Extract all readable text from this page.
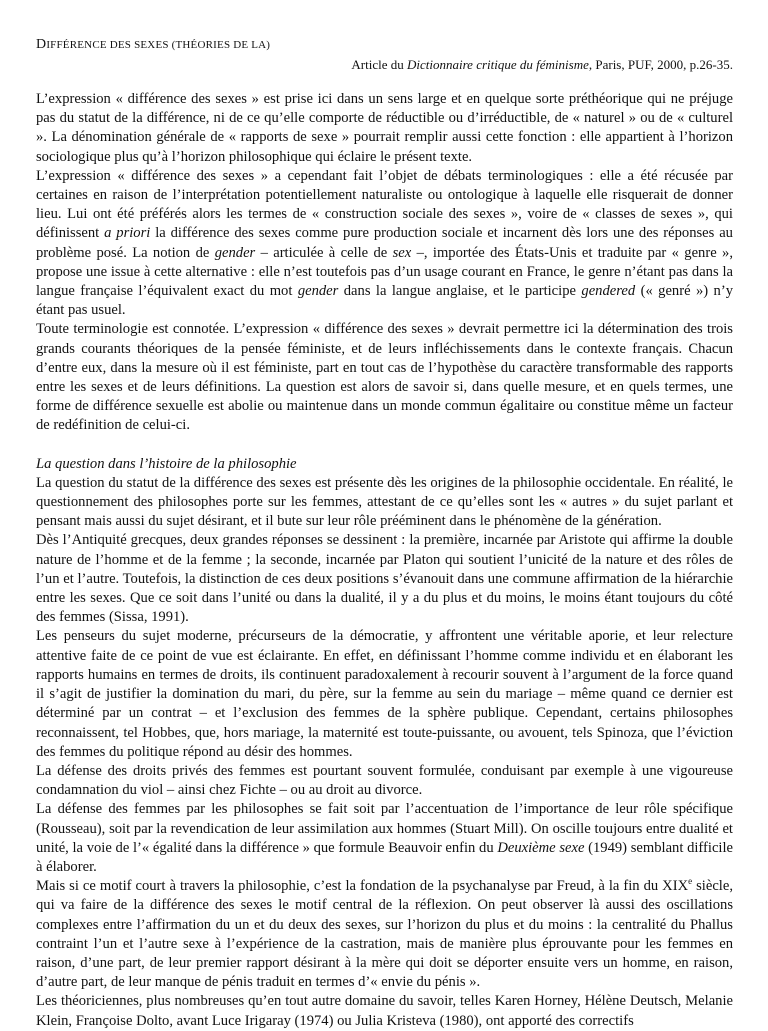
DIFFÉRENCE DES SEXES (THÉORIES DE LA)

Article du Dictionnaire critique du féminisme, Paris, PUF, 2000, p.26-35.

L’expression « différence des sexes » est prise ici dans un sens large et en quelque sorte préthéorique qui ne préjuge pas du statut de la différence, ni de ce qu’elle comporte de réductible ou d’irréductible, de « naturel » ou de « culturel ». La dénomination générale de « rapports de sexe » pourrait remplir aussi cette fonction : elle appartient à l’horizon sociologique plus qu’à l’horizon philosophique qui éclaire le présent texte.

L’expression « différence des sexes » a cependant fait l’objet de débats terminologiques : elle a été récusée par certaines en raison de l’interprétation potentiellement naturaliste ou ontologique à laquelle elle risquerait de donner lieu. Lui ont été préférés alors les termes de « construction sociale des sexes », voire de « classes de sexes », qui définissent a priori la différence des sexes comme pure production sociale et incarnent dès lors une des réponses au problème posé. La notion de gender – articulée à celle de sex –, importée des États-Unis et traduite par « genre », propose une issue à cette alternative : elle n’est toutefois pas d’un usage courant en France, le genre n’étant pas dans la langue française l’équivalent exact du mot gender dans la langue anglaise, et le participe gendered (« genré ») n’y étant pas usuel.

Toute terminologie est connotée. L’expression « différence des sexes » devrait permettre ici la détermination des trois grands courants théoriques de la pensée féministe, et de leurs infléchissements dans le contexte français. Chacun d’entre eux, dans la mesure où il est féministe, part en tout cas de l’hypothèse du caractère transformable des rapports entre les sexes et de leurs définitions. La question est alors de savoir si, dans quelle mesure, et en quels termes, une forme de différence sexuelle est abolie ou maintenue dans un monde commun égalitaire ou constitue même un facteur de redéfinition de celui-ci.

La question dans l’histoire de la philosophie

La question du statut de la différence des sexes est présente dès les origines de la philosophie occidentale. En réalité, le questionnement des philosophes porte sur les femmes, attestant de ce qu’elles sont les « autres » du sujet parlant et pensant mais aussi du sujet désirant, et il bute sur leur rôle prééminent dans le phénomène de la génération.

Dès l’Antiquité grecques, deux grandes réponses se dessinent : la première, incarnée par Aristote qui affirme la double nature de l’homme et de la femme ; la seconde, incarnée par Platon qui soutient l’unicité de la nature et des rôles de l’un et l’autre. Toutefois, la distinction de ces deux positions s’évanouit dans une commune affirmation de la hiérarchie entre les sexes. Que ce soit dans l’unité ou dans la dualité, il y a du plus et du moins, le moins étant toujours du côté des femmes (Sissa, 1991).

Les penseurs du sujet moderne, précurseurs de la démocratie, y affrontent une véritable aporie, et leur relecture attentive faite de ce point de vue est éclairante. En effet, en définissant l’homme comme individu et en élaborant les rapports humains en termes de droits, ils continuent paradoxalement à recourir souvent à l’argument de la force quand il s’agit de justifier la domination du mari, du père, sur la femme au sein du mariage – même quand ce dernier est déterminé par un contrat – et l’exclusion des femmes de la sphère publique. Cependant, certains philosophes reconnaissent, tel Hobbes, que, hors mariage, la maternité est toute-puissante, ou avouent, tels Spinoza, que l’éviction des femmes du politique répond au désir des hommes.

La défense des droits privés des femmes est pourtant souvent formulée, conduisant par exemple à une vigoureuse condamnation du viol – ainsi chez Fichte – ou au droit au divorce.

La défense des femmes par les philosophes se fait soit par l’accentuation de l’importance de leur rôle spécifique (Rousseau), soit par la revendication de leur assimilation aux hommes (Stuart Mill). On oscille toujours entre dualité et unité, la voie de l’« égalité dans la différence » que formule Beauvoir enfin du Deuxième sexe (1949) semblant difficile à élaborer.

Mais si ce motif court à travers la philosophie, c’est la fondation de la psychanalyse par Freud, à la fin du XIXe siècle, qui va faire de la différence des sexes le motif central de la réflexion. On peut observer là aussi des oscillations complexes entre l’affirmation du un et du deux des sexes, sur l’horizon du plus et du moins : la centralité du Phallus contraint l’un et l’autre sexe à l’expérience de la castration, mais de manière plus éprouvante pour les femmes en raison, d’une part, de leur premier rapport désirant à la mère qui doit se déporter ensuite vers un homme, en raison, d’autre part, de leur manque de pénis traduit en termes d’« envie du pénis ».

Les théoriciennes, plus nombreuses qu’en tout autre domaine du savoir, telles Karen Horney, Hélène Deutsch, Melanie Klein, Françoise Dolto, avant Luce Irigaray (1974) ou Julia Kristeva (1980), ont apporté des correctifs
